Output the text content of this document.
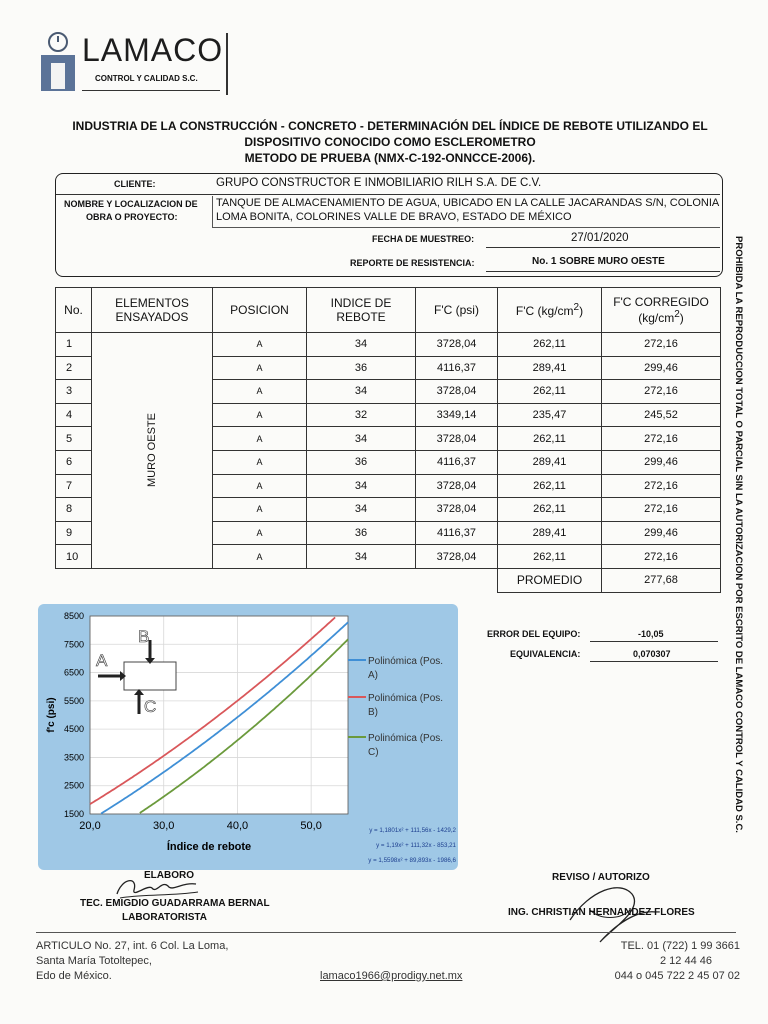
LAMACO
CONTROL Y CALIDAD S.C.
INDUSTRIA DE LA CONSTRUCCIÓN - CONCRETO - DETERMINACIÓN DEL ÍNDICE DE REBOTE UTILIZANDO EL
DISPOSITIVO CONOCIDO COMO ESCLEROMETRO
METODO DE PRUEBA (NMX-C-192-ONNCCE-2006).
CLIENTE:	GRUPO CONSTRUCTOR E INMOBILIARIO RILH S.A. DE C.V.
NOMBRE Y LOCALIZACION DE
OBRA O PROYECTO:
TANQUE DE ALMACENAMIENTO DE AGUA, UBICADO EN LA CALLE JACARANDAS S/N, COLONIA
LOMA BONITA, COLORINES VALLE DE BRAVO, ESTADO DE MÉXICO
FECHA DE MUESTREO:	27/01/2020
REPORTE DE RESISTENCIA:	No. 1 SOBRE MURO OESTE
No.	ELEMENTOS
ENSAYADOS	POSICION	INDICE DE
REBOTE	F'C (psi)	F'C $(kg/cm^2)$	F'C CORREGIDO
$(kg/cm^2)$
1	MURO OESTE	A	34	3728,04	262,11	272,16
2		A	36	4116,37	289,41	299,46
3		A	34	3728,04	262,11	272,16
4		A	32	3349,14	235,47	245,52
5		A	34	3728,04	262,11	272,16
6		A	36	4116,37	289,41	299,46
7		A	34	3728,04	262,11	272,16
8		A	34	3728,04	262,11	272,16
9		A	36	4116,37	289,41	299,46
10		A	34	3728,04	262,11	272,16
					PROMEDIO	277,68
ERROR DEL EQUIPO:	-10,05
EQUIVALENCIA:	0,070307
1500
2500
3500
4500
5500
6500
7500
8500
20,0	30,0	40,0	50,0
Índice de rebote
f'c (psi)
Polinómica (Pos.
A)
y = 1,1801x² + 111,56x - 1429,2
Polinómica (Pos.
B)
y = 1,19x² + 111,32x - 853,21
Polinómica (Pos.
C)
y = 1,5598x² + 89,893x - 1986,6
A
B
C
ELABORO
TEC. EMIGDIO GUADARRAMA BERNAL
LABORATORISTA
REVISO / AUTORIZO
ING. CHRISTIAN HERNANDEZ FLORES
PROHIBIDA LA REPRODUCCION TOTAL O PARCIAL SIN LA AUTORIZACION POR ESCRITO DE LAMACO CONTROL Y CALIDAD S.C.
ARTICULO No. 27, int. 6 Col. La Loma,
Santa María Totoltepec,
Edo de México.	lamaco1966@prodigy.net.mx
TEL. 01 (722) 1 99 3661
2 12 44 46
044 o 045 722 2 45 07 02
